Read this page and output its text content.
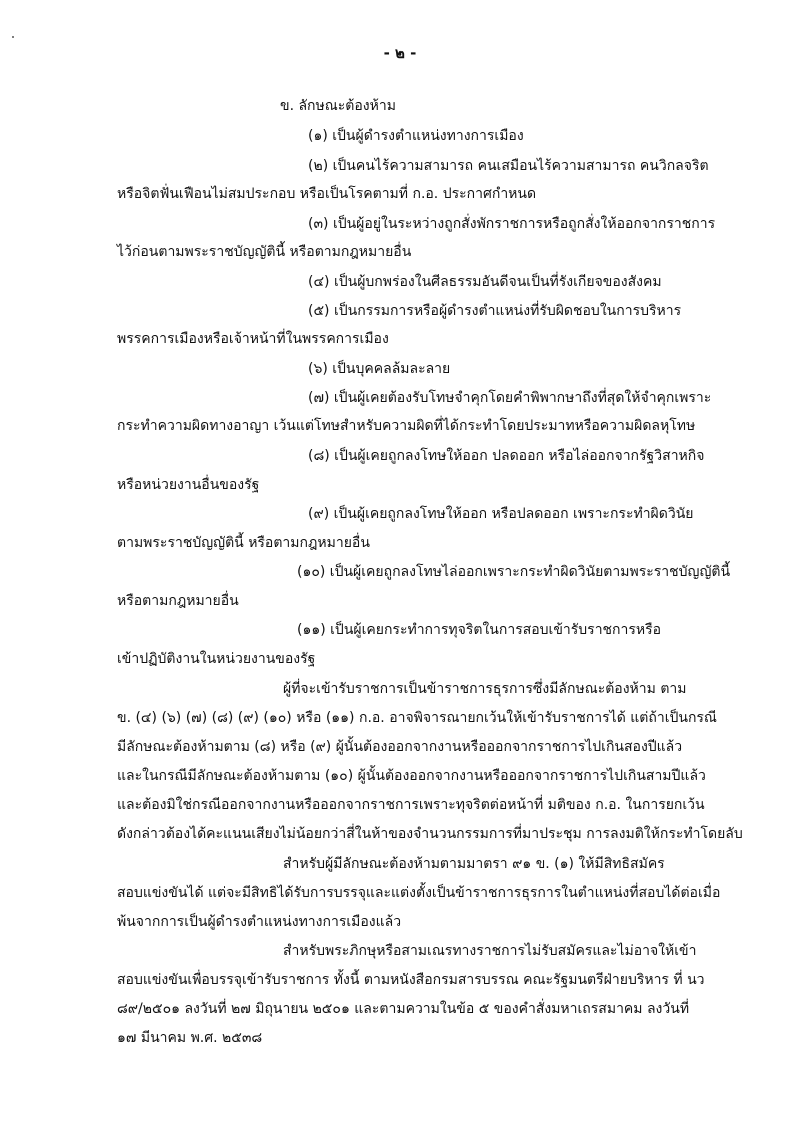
- ๒ -
ข. ลักษณะต้องห้าม
(๑) เป็นผู้ดำรงตำแหน่งทางการเมือง
(๒) เป็นคนไร้ความสามารถ คนเสมือนไร้ความสามารถ คนวิกลจริต
หรือจิตฟั่นเฟือนไม่สมประกอบ หรือเป็นโรคตามที่ ก.อ. ประกาศกำหนด
(๓) เป็นผู้อยู่ในระหว่างถูกสั่งพักราชการหรือถูกสั่งให้ออกจากราชการ
ไว้ก่อนตามพระราชบัญญัตินี้ หรือตามกฎหมายอื่น
(๔) เป็นผู้บกพร่องในศีลธรรมอันดีจนเป็นที่รังเกียจของสังคม
(๕) เป็นกรรมการหรือผู้ดำรงตำแหน่งที่รับผิดชอบในการบริหาร
พรรคการเมืองหรือเจ้าหน้าที่ในพรรคการเมือง
(๖) เป็นบุคคลล้มละลาย
(๗) เป็นผู้เคยต้องรับโทษจำคุกโดยคำพิพากษาถึงที่สุดให้จำคุกเพราะ
กระทำความผิดทางอาญา เว้นแต่โทษสำหรับความผิดที่ได้กระทำโดยประมาทหรือความผิดลหุโทษ
(๘) เป็นผู้เคยถูกลงโทษให้ออก ปลดออก หรือไล่ออกจากรัฐวิสาหกิจ
หรือหน่วยงานอื่นของรัฐ
(๙) เป็นผู้เคยถูกลงโทษให้ออก หรือปลดออก เพราะกระทำผิดวินัย
ตามพระราชบัญญัตินี้ หรือตามกฎหมายอื่น
(๑๐) เป็นผู้เคยถูกลงโทษไล่ออกเพราะกระทำผิดวินัยตามพระราชบัญญัตินี้
หรือตามกฎหมายอื่น
(๑๑) เป็นผู้เคยกระทำการทุจริตในการสอบเข้ารับราชการหรือ
เข้าปฏิบัติงานในหน่วยงานของรัฐ
ผู้ที่จะเข้ารับราชการเป็นข้าราชการธุรการซึ่งมีลักษณะต้องห้าม ตาม
ข. (๔) (๖) (๗) (๘) (๙) (๑๐) หรือ (๑๑) ก.อ. อาจพิจารณายกเว้นให้เข้ารับราชการได้ แต่ถ้าเป็นกรณี
มีลักษณะต้องห้ามตาม (๘) หรือ (๙) ผู้นั้นต้องออกจากงานหรือออกจากราชการไปเกินสองปีแล้ว
และในกรณีมีลักษณะต้องห้ามตาม (๑๐) ผู้นั้นต้องออกจากงานหรือออกจากราชการไปเกินสามปีแล้ว
และต้องมิใช่กรณีออกจากงานหรือออกจากราชการเพราะทุจริตต่อหน้าที่ มติของ ก.อ. ในการยกเว้น
ดังกล่าวต้องได้คะแนนเสียงไม่น้อยกว่าสี่ในห้าของจำนวนกรรมการที่มาประชุม การลงมติให้กระทำโดยลับ
สำหรับผู้มีลักษณะต้องห้ามตามมาตรา ๙๑ ข. (๑) ให้มีสิทธิสมัคร
สอบแข่งขันได้ แต่จะมีสิทธิได้รับการบรรจุและแต่งตั้งเป็นข้าราชการธุรการในตำแหน่งที่สอบได้ต่อเมื่อ
พ้นจากการเป็นผู้ดำรงตำแหน่งทางการเมืองแล้ว
สำหรับพระภิกษุหรือสามเณรทางราชการไม่รับสมัครและไม่อาจให้เข้า
สอบแข่งขันเพื่อบรรจุเข้ารับราชการ ทั้งนี้ ตามหนังสือกรมสารบรรณ คณะรัฐมนตรีฝ่ายบริหาร ที่ นว
๘๙/๒๕๐๑ ลงวันที่ ๒๗ มิถุนายน ๒๕๐๑ และตามความในข้อ ๕ ของคำสั่งมหาเถรสมาคม ลงวันที่
๑๗ มีนาคม พ.ศ. ๒๕๓๘
